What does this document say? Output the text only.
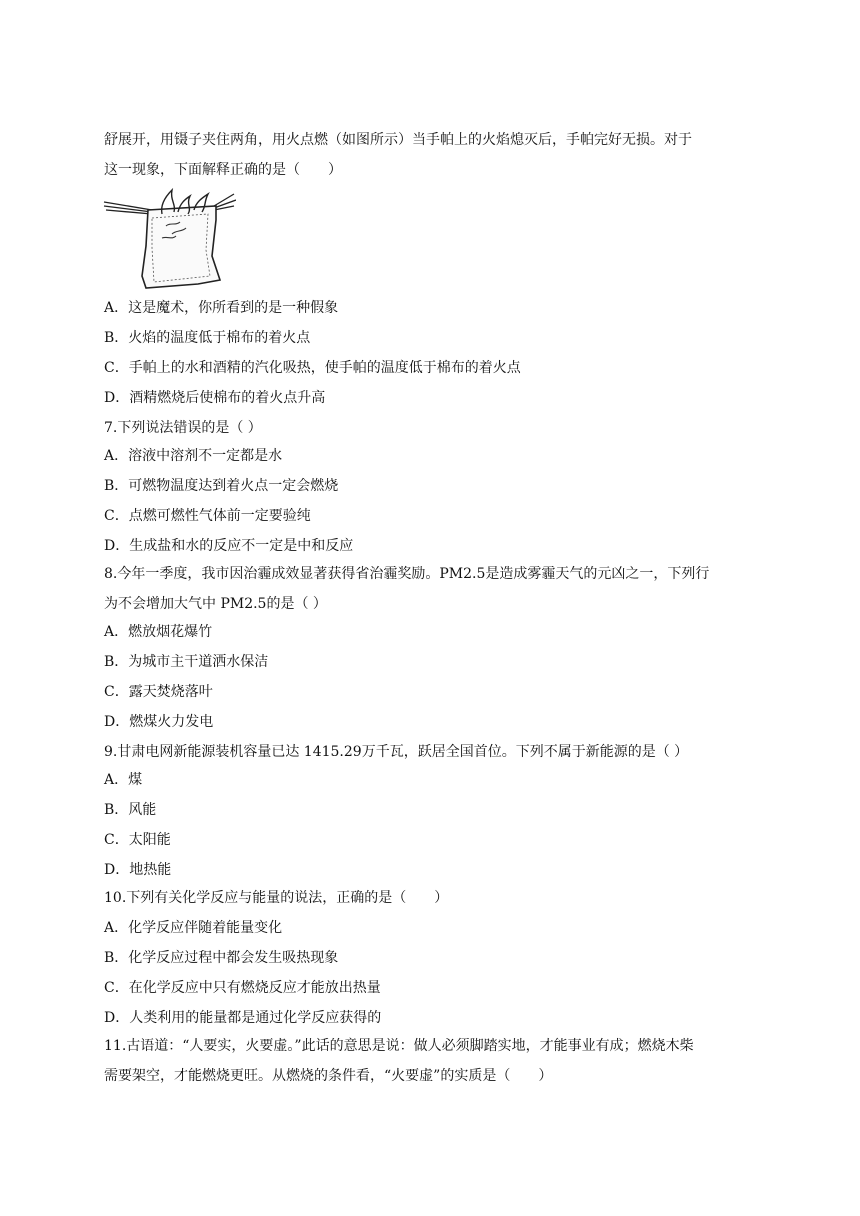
舒展开，用镊子夹住两角，用火点燃（如图所示）当手帕上的火焰熄灭后，手帕完好无损。对于
这一现象，下面解释正确的是（　　）
A．这是魔术，你所看到的是一种假象
B．火焰的温度低于棉布的着火点
C．手帕上的水和酒精的汽化吸热，使手帕的温度低于棉布的着火点
D．酒精燃烧后使棉布的着火点升高
7.下列说法错误的是（ ）
A．溶液中溶剂不一定都是水
B．可燃物温度达到着火点一定会燃烧
C．点燃可燃性气体前一定要验纯
D．生成盐和水的反应不一定是中和反应
8.今年一季度，我市因治霾成效显著获得省治霾奖励。PM2.5是造成雾霾天气的元凶之一，下列行
为不会增加大气中 PM2.5的是（ ）
A．燃放烟花爆竹
B．为城市主干道洒水保洁
C．露天焚烧落叶
D．燃煤火力发电
9.甘肃电网新能源装机容量已达 1415.29万千瓦，跃居全国首位。下列不属于新能源的是（ ）
A．煤
B．风能
C．太阳能
D．地热能
10.下列有关化学反应与能量的说法，正确的是（　　）
A．化学反应伴随着能量变化
B．化学反应过程中都会发生吸热现象
C．在化学反应中只有燃烧反应才能放出热量
D．人类利用的能量都是通过化学反应获得的
11.古语道：“人要实，火要虚。”此话的意思是说：做人必须脚踏实地，才能事业有成；燃烧木柴
需要架空，才能燃烧更旺。从燃烧的条件看，“火要虚”的实质是（　　）
